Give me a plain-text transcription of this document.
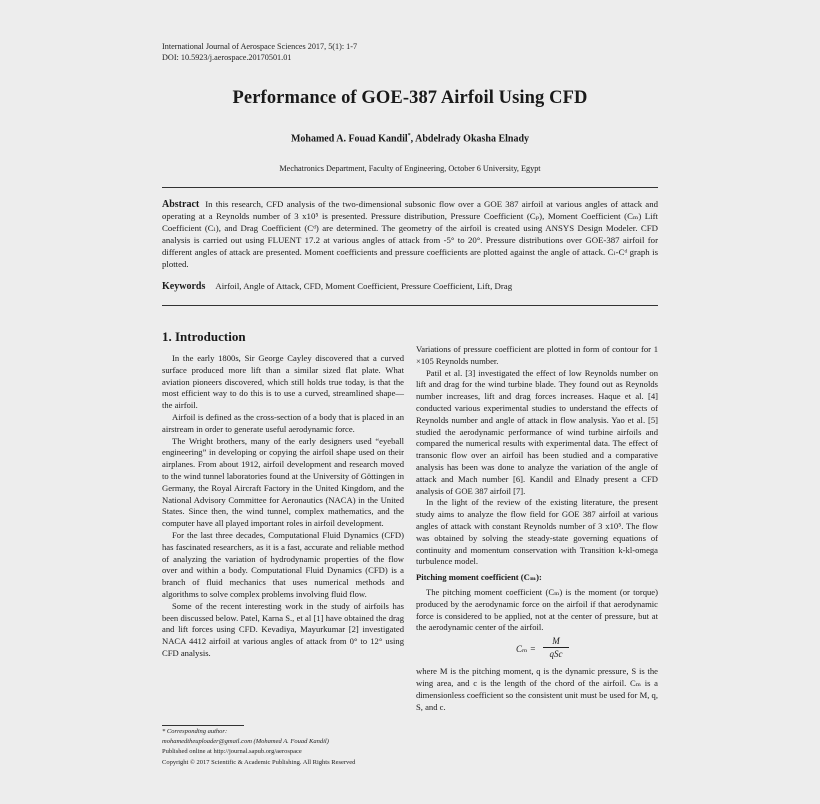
International Journal of Aerospace Sciences 2017, 5(1): 1-7
DOI: 10.5923/j.aerospace.20170501.01
Performance of GOE-387 Airfoil Using CFD
Mohamed A. Fouad Kandil*, Abdelrady Okasha Elnady
Mechatronics Department, Faculty of Engineering, October 6 University, Egypt
Abstract In this research, CFD analysis of the two-dimensional subsonic flow over a GOE 387 airfoil at various angles of attack and operating at a Reynolds number of 3 x10⁵ is presented. Pressure distribution, Pressure Coefficient (Cₚ), Moment Coefficient (Cₘ) Lift Coefficient (Cₗ), and Drag Coefficient (Cᵈ) are determined. The geometry of the airfoil is created using ANSYS Design Modeler. CFD analysis is carried out using FLUENT 17.2 at various angles of attack from -5° to 20°. Pressure distributions over GOE-387 airfoil for different angles of attack are presented. Moment coefficients and pressure coefficients are plotted against the angle of attack. Cₗ-Cᵈ graph is plotted.
Keywords Airfoil, Angle of Attack, CFD, Moment Coefficient, Pressure Coefficient, Lift, Drag
1. Introduction

In the early 1800s, Sir George Cayley discovered that a curved surface produced more lift than a similar sized flat plate. What aviation pioneers discovered, which still holds true today, is that the most efficient way to do this is to use a curved, streamlined shape—the airfoil.

Airfoil is defined as the cross-section of a body that is placed in an airstream in order to generate useful aerodynamic force.

The Wright brothers, many of the early designers used “eyeball engineering” in developing or copying the airfoil shape used on their airplanes. From about 1912, airfoil development and research moved to the wind tunnel laboratories found at the University of Göttingen in Germany, the Royal Aircraft Factory in the United Kingdom, and the National Advisory Committee for Aeronautics (NACA) in the United States. Since then, the wind tunnel, complex mathematics, and the computer have all played important roles in airfoil development.

For the last three decades, Computational Fluid Dynamics (CFD) has fascinated researchers, as it is a fast, accurate and reliable method of analyzing the variation of hydrodynamic properties of the flow over and within a body. Computational Fluid Dynamics (CFD) is a branch of fluid mechanics that uses numerical methods and algorithms to solve complex problems involving fluid flow.

Some of the recent interesting work in the study of airfoils has been discussed below. Patel, Karna S., et al [1] have obtained the drag and lift forces using CFD. Kevadiya, Mayurkumar [2] investigated NACA 4412 airfoil at various angles of attack from 0° to 12° using CFD analysis.

Variations of pressure coefficient are plotted in form of contour for 1 ×105 Reynolds number.

Patil et al. [3] investigated the effect of low Reynolds number on lift and drag for the wind turbine blade. They found out as Reynolds number increases, lift and drag forces increases. Haque et al. [4] conducted various experimental studies to understand the effects of Reynolds number and angle of attack in flow analysis. Yao et al. [5] studied the aerodynamic performance of wind turbine airfoils and compared the numerical results with experimental data. The effect of transonic flow over an airfoil has been studied and a comparative analysis has been was done to analyze the variation of the angle of attack and Mach number [6]. Kandil and Elnady present a CFD analysis of GOE 387 airfoil [7].

In the light of the review of the existing literature, the present study aims to analyze the flow field for GOE 387 airfoil at various angles of attack with constant Reynolds number of 3 x10⁵. The flow was obtained by solving the steady-state governing equations of continuity and momentum conservation with Transition k-kl-omega turbulence model.

Pitching moment coefficient (Cₘ):

The pitching moment coefficient (Cₘ) is the moment (or torque) produced by the aerodynamic force on the airfoil if that aerodynamic force is considered to be applied, not at the center of pressure, but at the aerodynamic center of the airfoil.

Cₘ =
M
qSc

where M is the pitching moment, q is the dynamic pressure, S is the wing area, and c is the length of the chord of the airfoil. Cₘ is a dimensionless coefficient so the consistent unit must be used for M, q, S, and c.

* Corresponding author:
mohamedtheuploader@gmail.com (Mohamed A. Fouad Kandil)
Published online at http://journal.sapub.org/aerospace
Copyright © 2017 Scientific & Academic Publishing. All Rights Reserved
